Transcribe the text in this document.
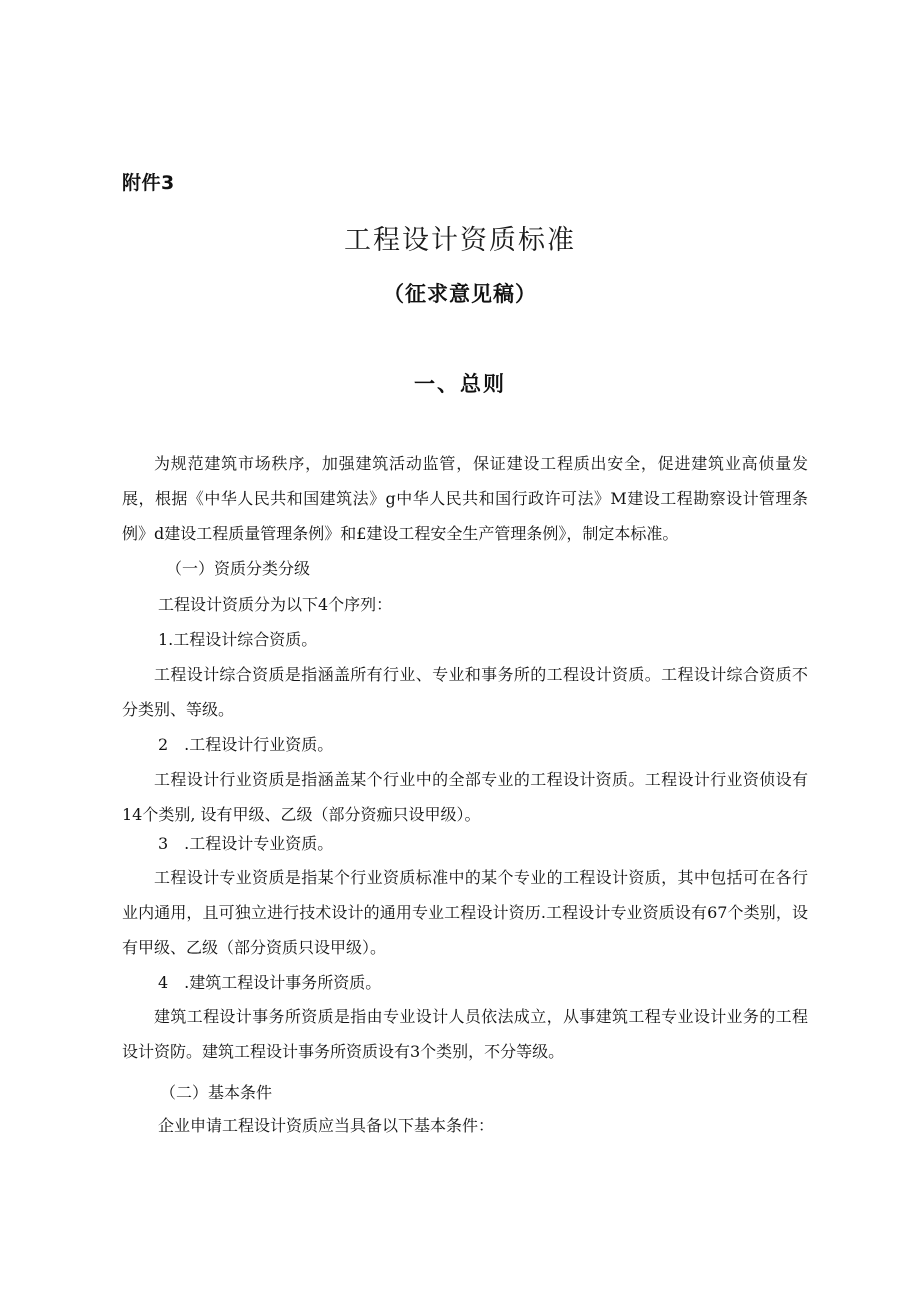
附件3
工程设计资质标准
（征求意见稿）
一、总则
为规范建筑市场秩序，加强建筑活动监管，保证建设工程质出安全，促进建筑业高侦量发展，根据《中华人民共和国建筑法》g中华人民共和国行政许可法》M建设工程勘察设计管理条例》d建设工程质量管理条例》和£建设工程安全生产管理条例》，制定本标准。
（一）资质分类分级
工程设计资质分为以下4个序列：
1.工程设计综合资质。
工程设计综合资质是指涵盖所有行业、专业和事务所的工程设计资质。工程设计综合资质不分类别、等级。
2　.工程设计行业资质。
工程设计行业资质是指涵盖某个行业中的全部专业的工程设计资质。工程设计行业资侦设有14个类别, 设有甲级、乙级（部分资痂只设甲级）。
3　.工程设计专业资质。
工程设计专业资质是指某个行业资质标准中的某个专业的工程设计资质，其中包括可在各行业内通用，且可独立进行技术设计的通用专业工程设计资历.工程设计专业资质设有67个类别，设有甲级、乙级（部分资质只设甲级）。
4　.建筑工程设计事务所资质。
建筑工程设计事务所资质是指由专业设计人员依法成立，从事建筑工程专业设计业务的工程设计资防。建筑工程设计事务所资质设有3个类别，不分等级。
（二）基本条件
企业申请工程设计资质应当具备以下基本条件：
